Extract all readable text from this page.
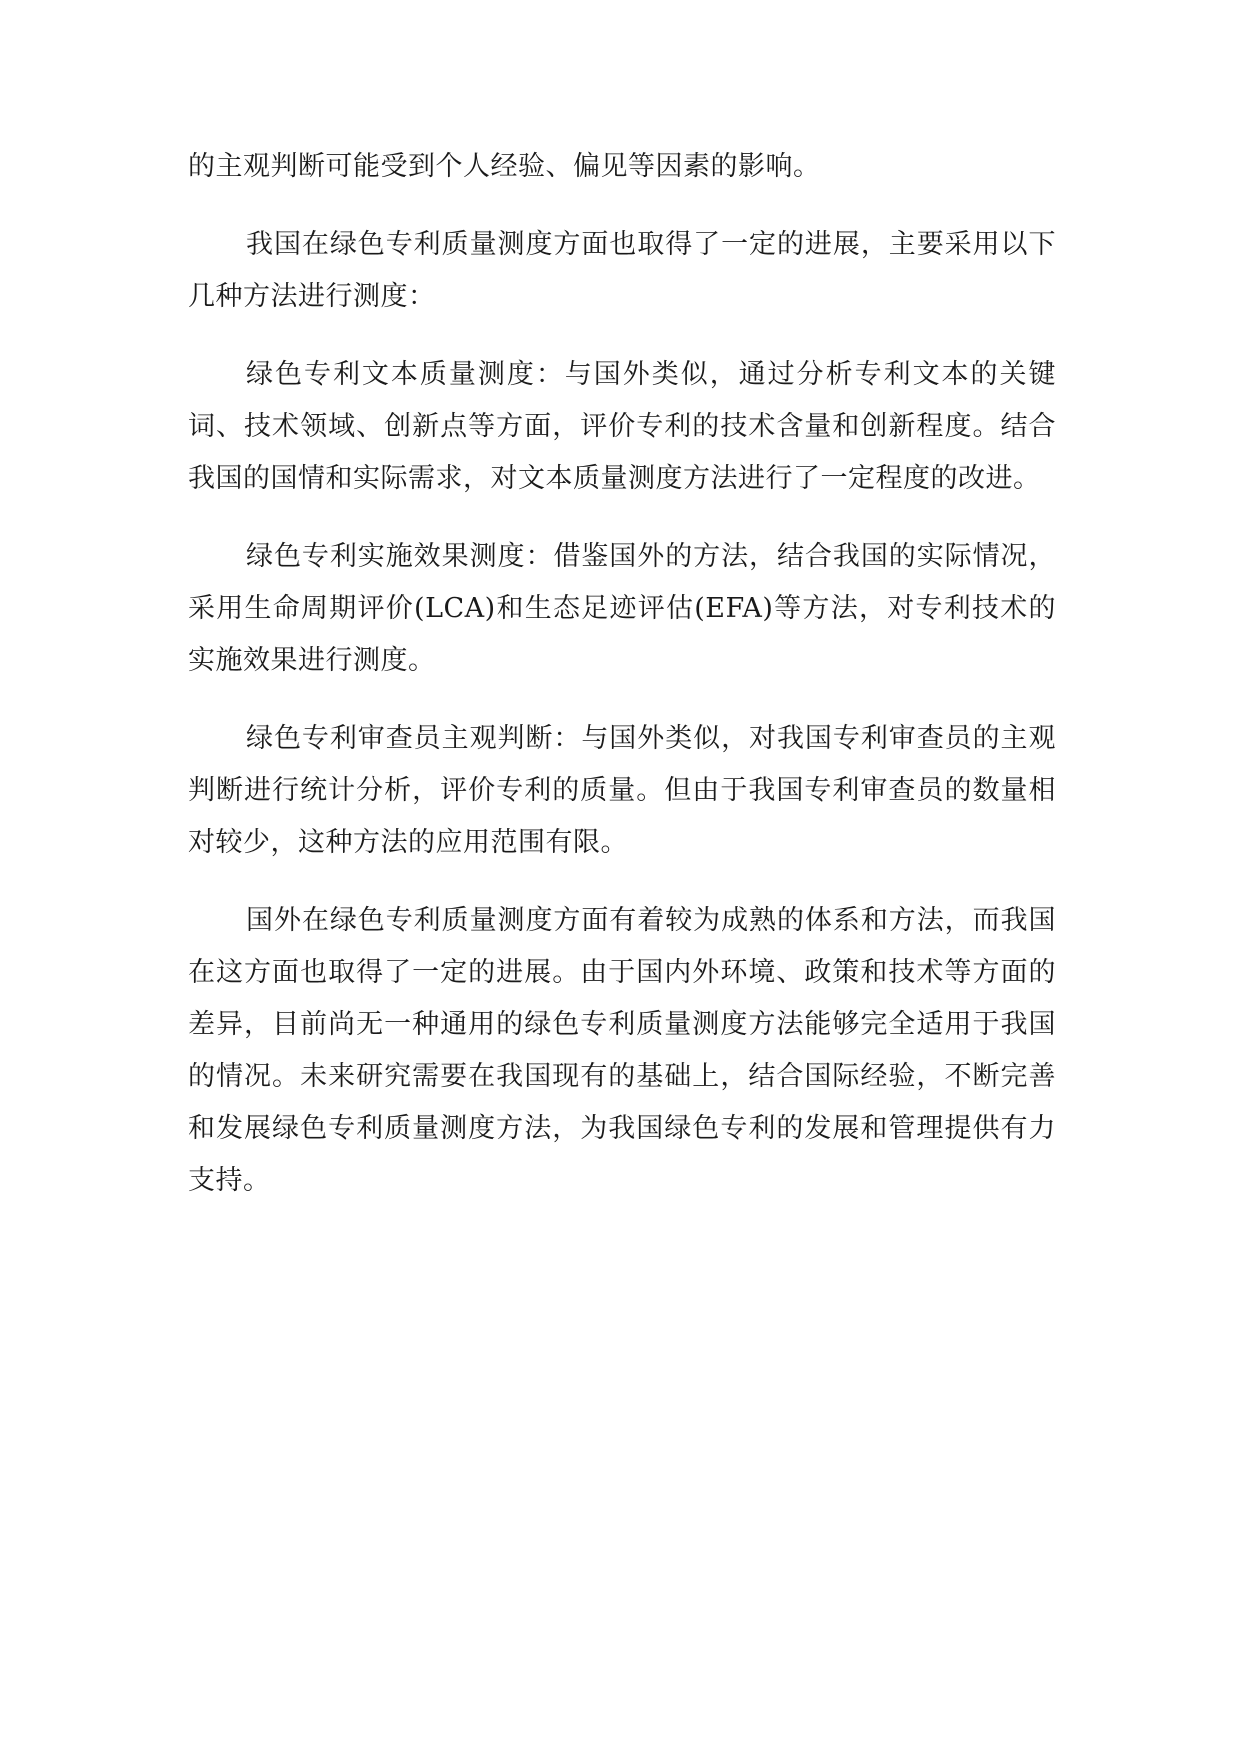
的主观判断可能受到个人经验、偏见等因素的影响。

我国在绿色专利质量测度方面也取得了一定的进展，主要采用以下几种方法进行测度：

绿色专利文本质量测度：与国外类似，通过分析专利文本的关键词、技术领域、创新点等方面，评价专利的技术含量和创新程度。结合我国的国情和实际需求，对文本质量测度方法进行了一定程度的改进。

绿色专利实施效果测度：借鉴国外的方法，结合我国的实际情况，采用生命周期评价(LCA)和生态足迹评估(EFA)等方法，对专利技术的实施效果进行测度。

绿色专利审查员主观判断：与国外类似，对我国专利审查员的主观判断进行统计分析，评价专利的质量。但由于我国专利审查员的数量相对较少，这种方法的应用范围有限。

国外在绿色专利质量测度方面有着较为成熟的体系和方法，而我国在这方面也取得了一定的进展。由于国内外环境、政策和技术等方面的差异，目前尚无一种通用的绿色专利质量测度方法能够完全适用于我国的情况。未来研究需要在我国现有的基础上，结合国际经验，不断完善和发展绿色专利质量测度方法，为我国绿色专利的发展和管理提供有力支持。
